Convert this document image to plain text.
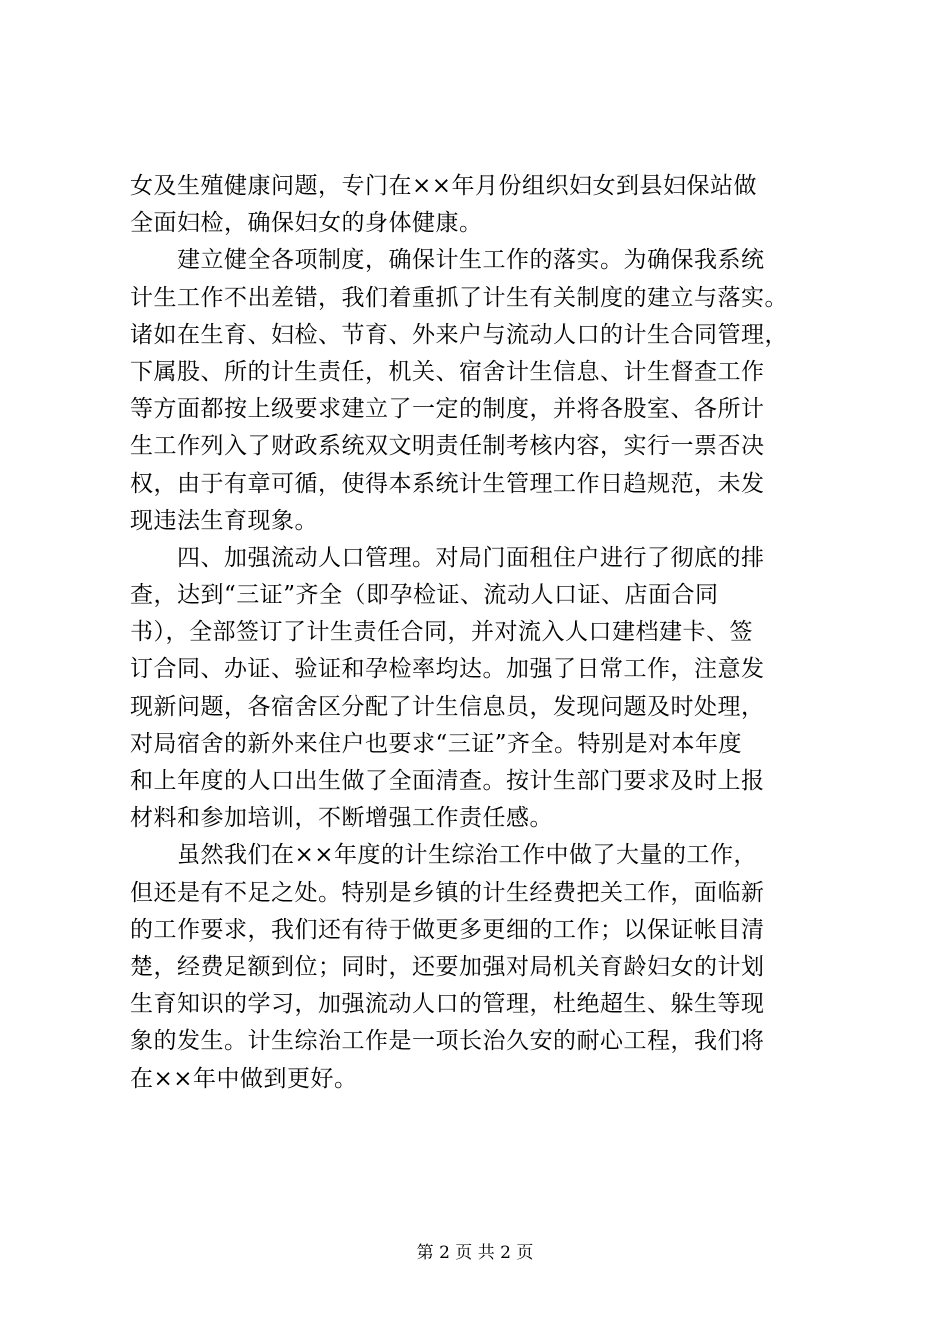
女及生殖健康问题，专门在××年月份组织妇女到县妇保站做
全面妇检，确保妇女的身体健康。
　　建立健全各项制度，确保计生工作的落实。为确保我系统
计生工作不出差错，我们着重抓了计生有关制度的建立与落实。
诸如在生育、妇检、节育、外来户与流动人口的计生合同管理，
下属股、所的计生责任，机关、宿舍计生信息、计生督查工作
等方面都按上级要求建立了一定的制度，并将各股室、各所计
生工作列入了财政系统双文明责任制考核内容，实行一票否决
权，由于有章可循，使得本系统计生管理工作日趋规范，未发
现违法生育现象。
　　四、加强流动人口管理。对局门面租住户进行了彻底的排
查，达到“三证”齐全（即孕检证、流动人口证、店面合同
书），全部签订了计生责任合同，并对流入人口建档建卡、签
订合同、办证、验证和孕检率均达。加强了日常工作，注意发
现新问题，各宿舍区分配了计生信息员，发现问题及时处理，
对局宿舍的新外来住户也要求“三证”齐全。特别是对本年度
和上年度的人口出生做了全面清查。按计生部门要求及时上报
材料和参加培训，不断增强工作责任感。
　　虽然我们在××年度的计生综治工作中做了大量的工作，
但还是有不足之处。特别是乡镇的计生经费把关工作，面临新
的工作要求，我们还有待于做更多更细的工作；以保证帐目清
楚，经费足额到位；同时，还要加强对局机关育龄妇女的计划
生育知识的学习，加强流动人口的管理，杜绝超生、躲生等现
象的发生。计生综治工作是一项长治久安的耐心工程，我们将
在××年中做到更好。
第 2 页 共 2 页
